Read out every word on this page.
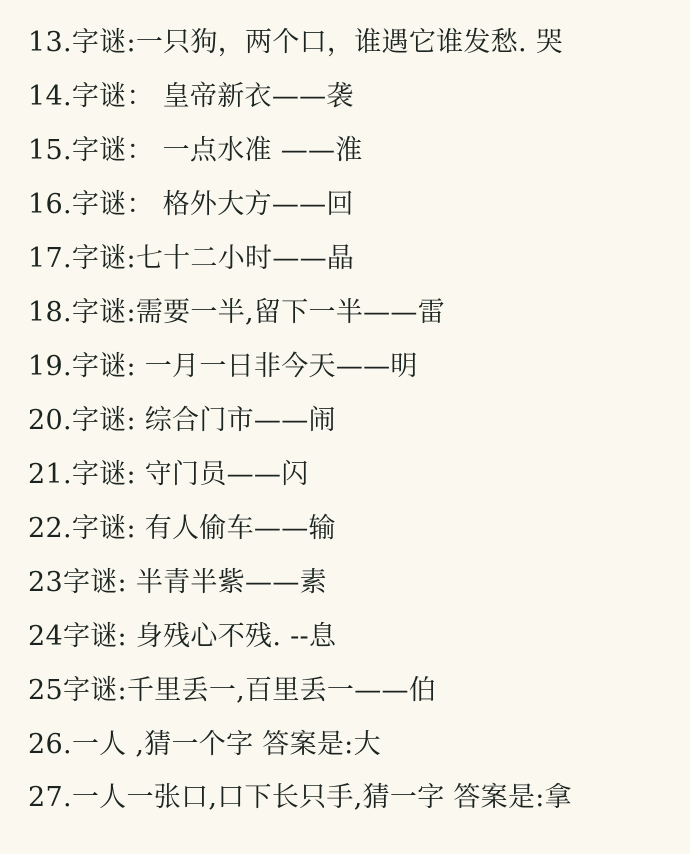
13.字谜:一只狗，两个口，谁遇它谁发愁. 哭
14.字谜： 皇帝新衣——袭
15.字谜： 一点水准 ——淮
16.字谜： 格外大方——回
17.字谜:七十二小时——晶
18.字谜:需要一半,留下一半——雷
19.字谜: 一月一日非今天——明
20.字谜: 综合门市——闹
21.字谜: 守门员——闪
22.字谜: 有人偷车——输
23字谜: 半青半紫——素
24字谜: 身残心不残. --息
25字谜:千里丢一,百里丢一——伯
26.一人 ,猜一个字 答案是:大
27.一人一张口,口下长只手,猜一字 答案是:拿
